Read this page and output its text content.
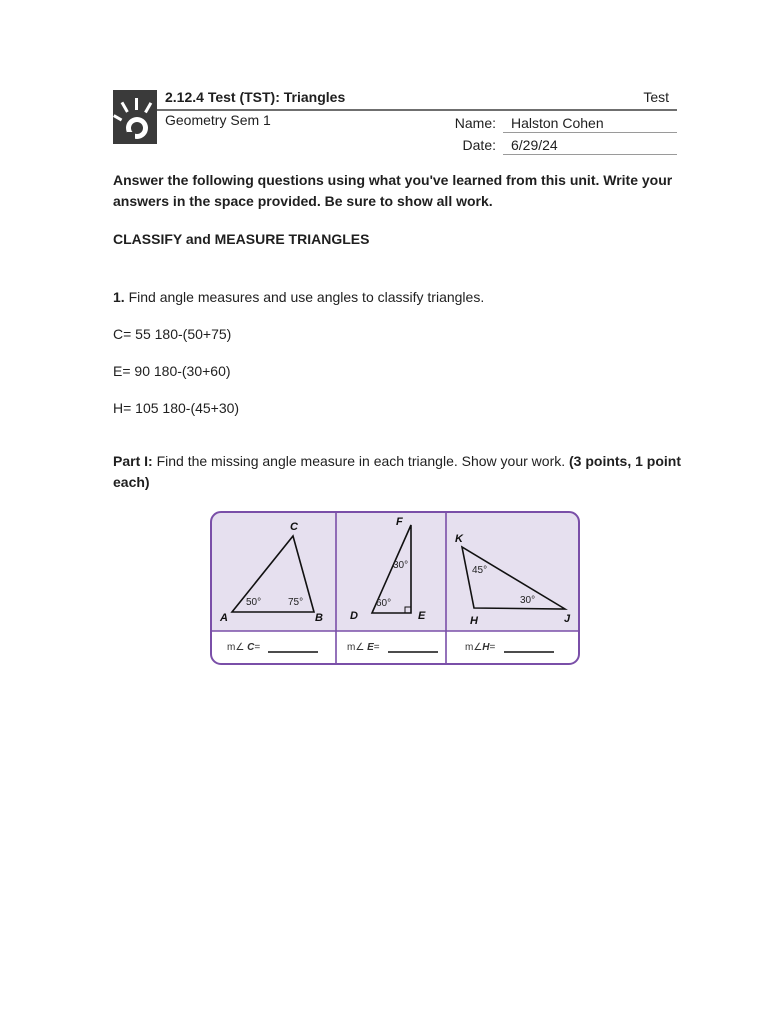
2.12.4 Test (TST): Triangles	Test
Geometry Sem 1	Name: Halston Cohen
Date: 6/29/24
Answer the following questions using what you've learned from this unit. Write your answers in the space provided. Be sure to show all work.
CLASSIFY and MEASURE TRIANGLES
1. Find angle measures and use angles to classify triangles.
C= 55 180-(50+75)
E= 90 180-(30+60)
H= 105 180-(45+30)
Part I: Find the missing angle measure in each triangle. Show your work. (3 points, 1 point each)
A	B
C
50°	75°
D	E
F
60°
30°
H	J
K
45°
30°
m∠ C=	m∠ E=	m∠H=
